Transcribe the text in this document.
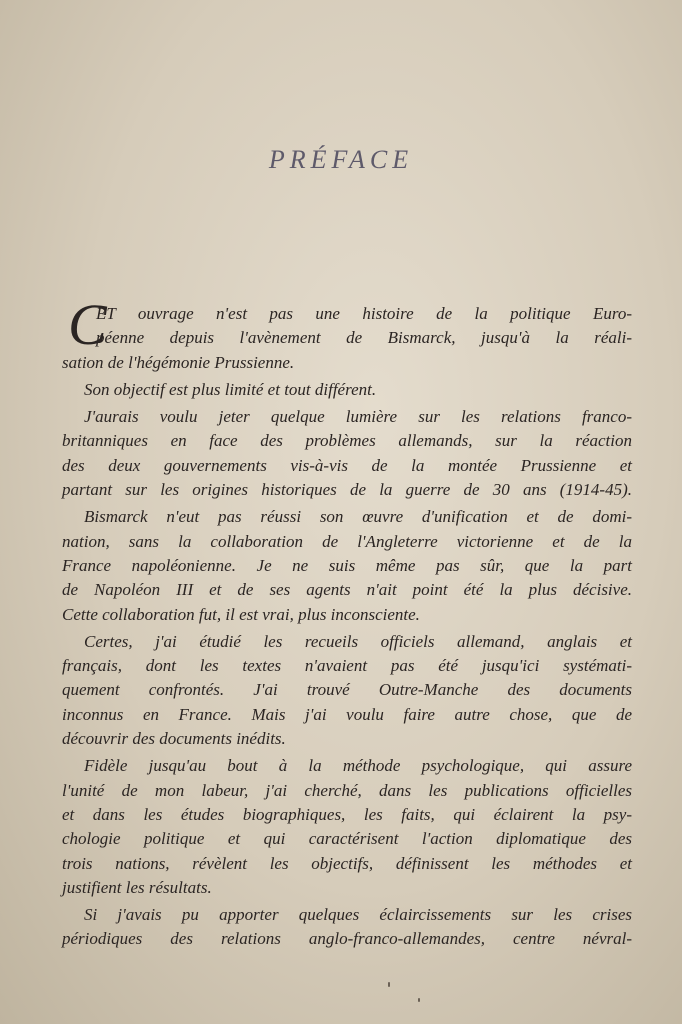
PRÉFACE
C
ET ouvrage n'est pas une histoire de la politique Euro-
péenne depuis l'avènement de Bismarck, jusqu'à la réali-
sation de l'hégémonie Prussienne.
Son objectif est plus limité et tout différent.
J'aurais voulu jeter quelque lumière sur les relations franco-
britanniques en face des problèmes allemands, sur la réaction
des deux gouvernements vis-à-vis de la montée Prussienne et
partant sur les origines historiques de la guerre de 30 ans (1914-45).
Bismarck n'eut pas réussi son œuvre d'unification et de domi-
nation, sans la collaboration de l'Angleterre victorienne et de la
France napoléonienne. Je ne suis même pas sûr, que la part
de Napoléon III et de ses agents n'ait point été la plus décisive.
Cette collaboration fut, il est vrai, plus inconsciente.
Certes, j'ai étudié les recueils officiels allemand, anglais et
français, dont les textes n'avaient pas été jusqu'ici systémati-
quement confrontés. J'ai trouvé Outre-Manche des documents
inconnus en France. Mais j'ai voulu faire autre chose, que de
découvrir des documents inédits.
Fidèle jusqu'au bout à la méthode psychologique, qui assure
l'unité de mon labeur, j'ai cherché, dans les publications officielles
et dans les études biographiques, les faits, qui éclairent la psy-
chologie politique et qui caractérisent l'action diplomatique des
trois nations, révèlent les objectifs, définissent les méthodes et
justifient les résultats.
Si j'avais pu apporter quelques éclaircissements sur les crises
périodiques des relations anglo-franco-allemandes, centre névral-
